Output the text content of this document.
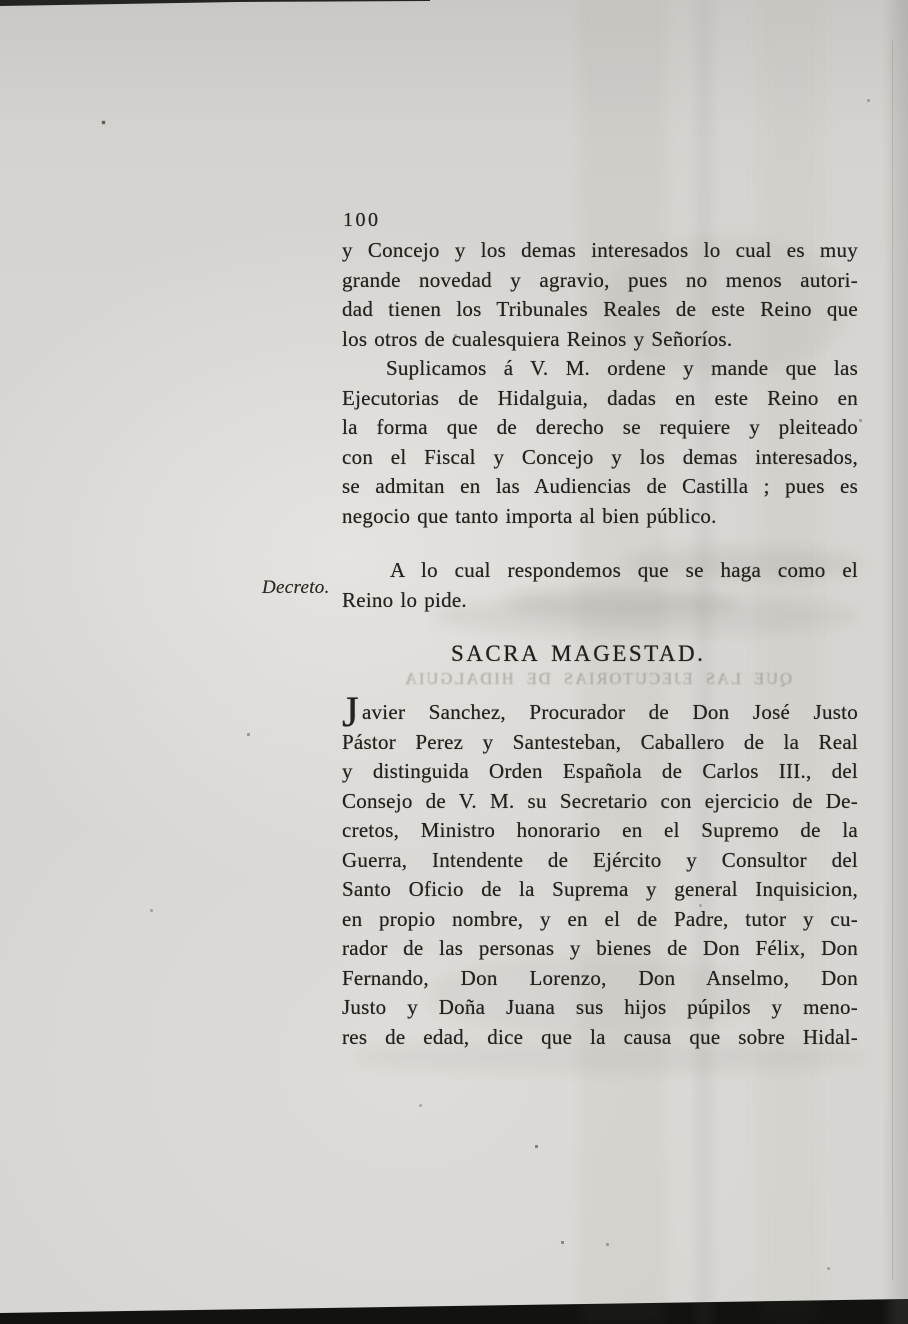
100
y Concejo y los demas interesados lo cual es muy
grande novedad y agravio, pues no menos autori-
dad tienen los Tribunales Reales de este Reino que
los otros de cualesquiera Reinos y Señoríos.
Suplicamos á V. M. ordene y mande que las
Ejecutorias de Hidalguia, dadas en este Reino en
la forma que de derecho se requiere y pleiteado
con el Fiscal y Concejo y los demas interesados,
se admitan en las Audiencias de Castilla ; pues es
negocio que tanto importa al bien público.
Decreto.
A lo cual respondemos que se haga como el
Reino lo pide.
SACRA MAGESTAD.
QUE LAS EJECUTORIAS DE HIDALGUIA
Javier Sanchez, Procurador de Don José Justo
Pástor Perez y Santesteban, Caballero de la Real
y distinguida Orden Española de Carlos III., del
Consejo de V. M. su Secretario con ejercicio de De-
cretos, Ministro honorario en el Supremo de la
Guerra, Intendente de Ejército y Consultor del
Santo Oficio de la Suprema y general Inquisicion,
en propio nombre, y en el de Padre, tutor y cu-
rador de las personas y bienes de Don Félix, Don
Fernando, Don Lorenzo, Don Anselmo, Don
Justo y Doña Juana sus hijos púpilos y meno-
res de edad, dice que la causa que sobre Hidal-
